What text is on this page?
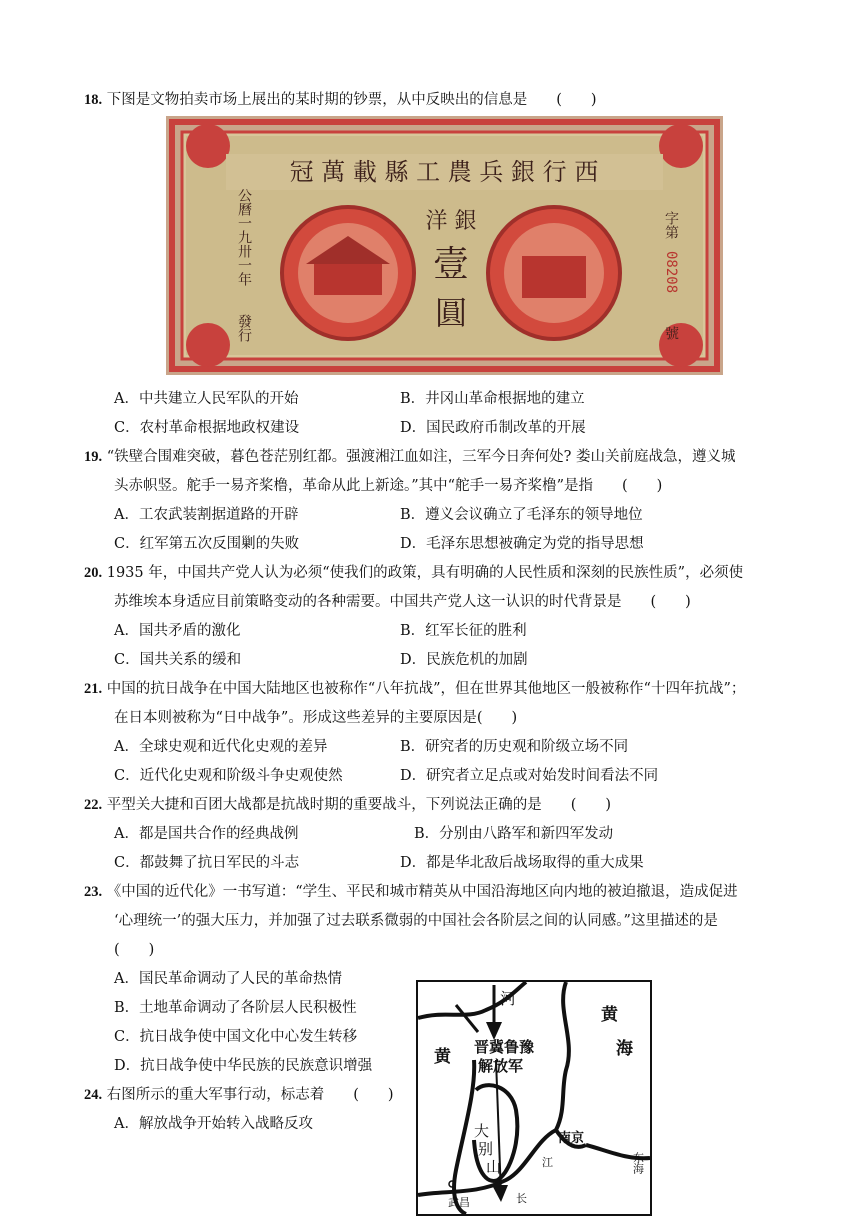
18. 下图是文物拍卖市场上展出的某时期的钞票，从中反映出的信息是　　(　　)
冠 萬 載 縣 工 農 兵 銀 行 西
公曆一九卅一年
發行
洋 銀
壹
圓
字第
08208
號
A．中共建立人民军队的开始	B．井冈山革命根据地的建立
C．农村革命根据地政权建设	D．国民政府币制改革的开展
19. “铁壁合围难突破，暮色苍茫别红都。强渡湘江血如注，三军今日奔何处? 娄山关前庭战急，遵义城
头赤帜竖。舵手一易齐桨橹，革命从此上新途。”其中“舵手一易齐桨橹”是指　　(　　)
A．工农武装割据道路的开辟	B．遵义会议确立了毛泽东的领导地位
C．红军第五次反围剿的失败	D．毛泽东思想被确定为党的指导思想
20. 1935 年，中国共产党人认为必须“使我们的政策，具有明确的人民性质和深刻的民族性质”，必须使
苏维埃本身适应目前策略变动的各种需要。中国共产党人这一认识的时代背景是　　(　　)
A．国共矛盾的激化	B．红军长征的胜利
C．国共关系的缓和	D．民族危机的加剧
21. 中国的抗日战争在中国大陆地区也被称作“八年抗战”，但在世界其他地区一般被称作“十四年抗战”；
在日本则被称为“日中战争”。形成这些差异的主要原因是(　　)
A．全球史观和近代化史观的差异	B．研究者的历史观和阶级立场不同
C．近代化史观和阶级斗争史观使然	D．研究者立足点或对始发时间看法不同
22. 平型关大捷和百团大战都是抗战时期的重要战斗，下列说法正确的是　　(　　)
A．都是国共合作的经典战例	B．分别由八路军和新四军发动
C．都鼓舞了抗日军民的斗志	D．都是华北敌后战场取得的重大成果
23. 《中国的近代化》一书写道：“学生、平民和城市精英从中国沿海地区向内地的被迫撤退，造成促进
‘心理统一’的强大压力，并加强了过去联系微弱的中国社会各阶层之间的认同感。”这里描述的是
(　　)
A．国民革命调动了人民的革命热情
B．土地革命调动了各阶层人民积极性
C．抗日战争使中国文化中心发生转移
D．抗日战争使中华民族的民族意识增强
24. 右图所示的重大军事行动，标志着　　(　　)
A．解放战争开始转入战略反攻
河
黄
海
黄 晋冀鲁豫
解放军
大
别
山
南京
江
长
东海
武昌
